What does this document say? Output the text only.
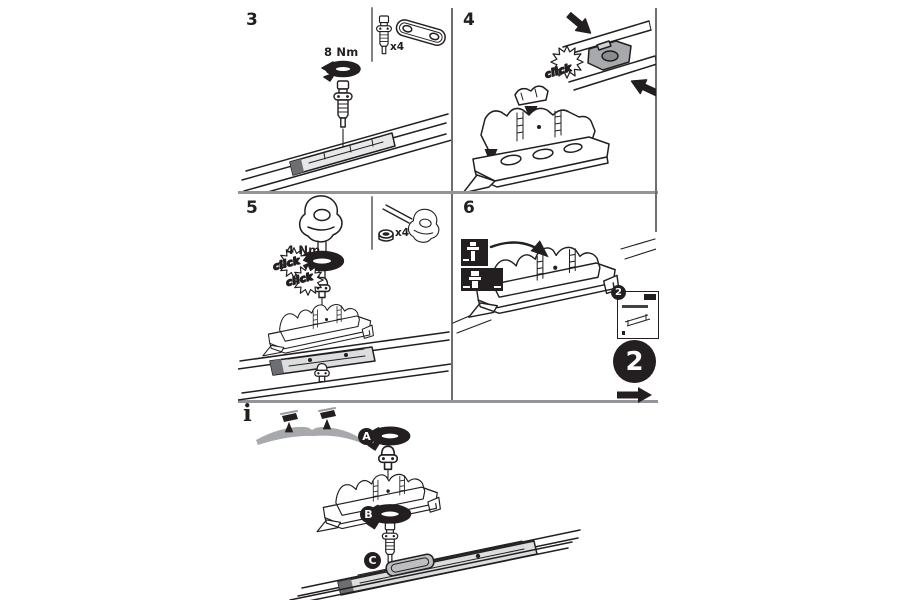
3
8 Nm	x4
4
click
5
click
click
4 Nm
x4
6
2
2
i
A
B
C
